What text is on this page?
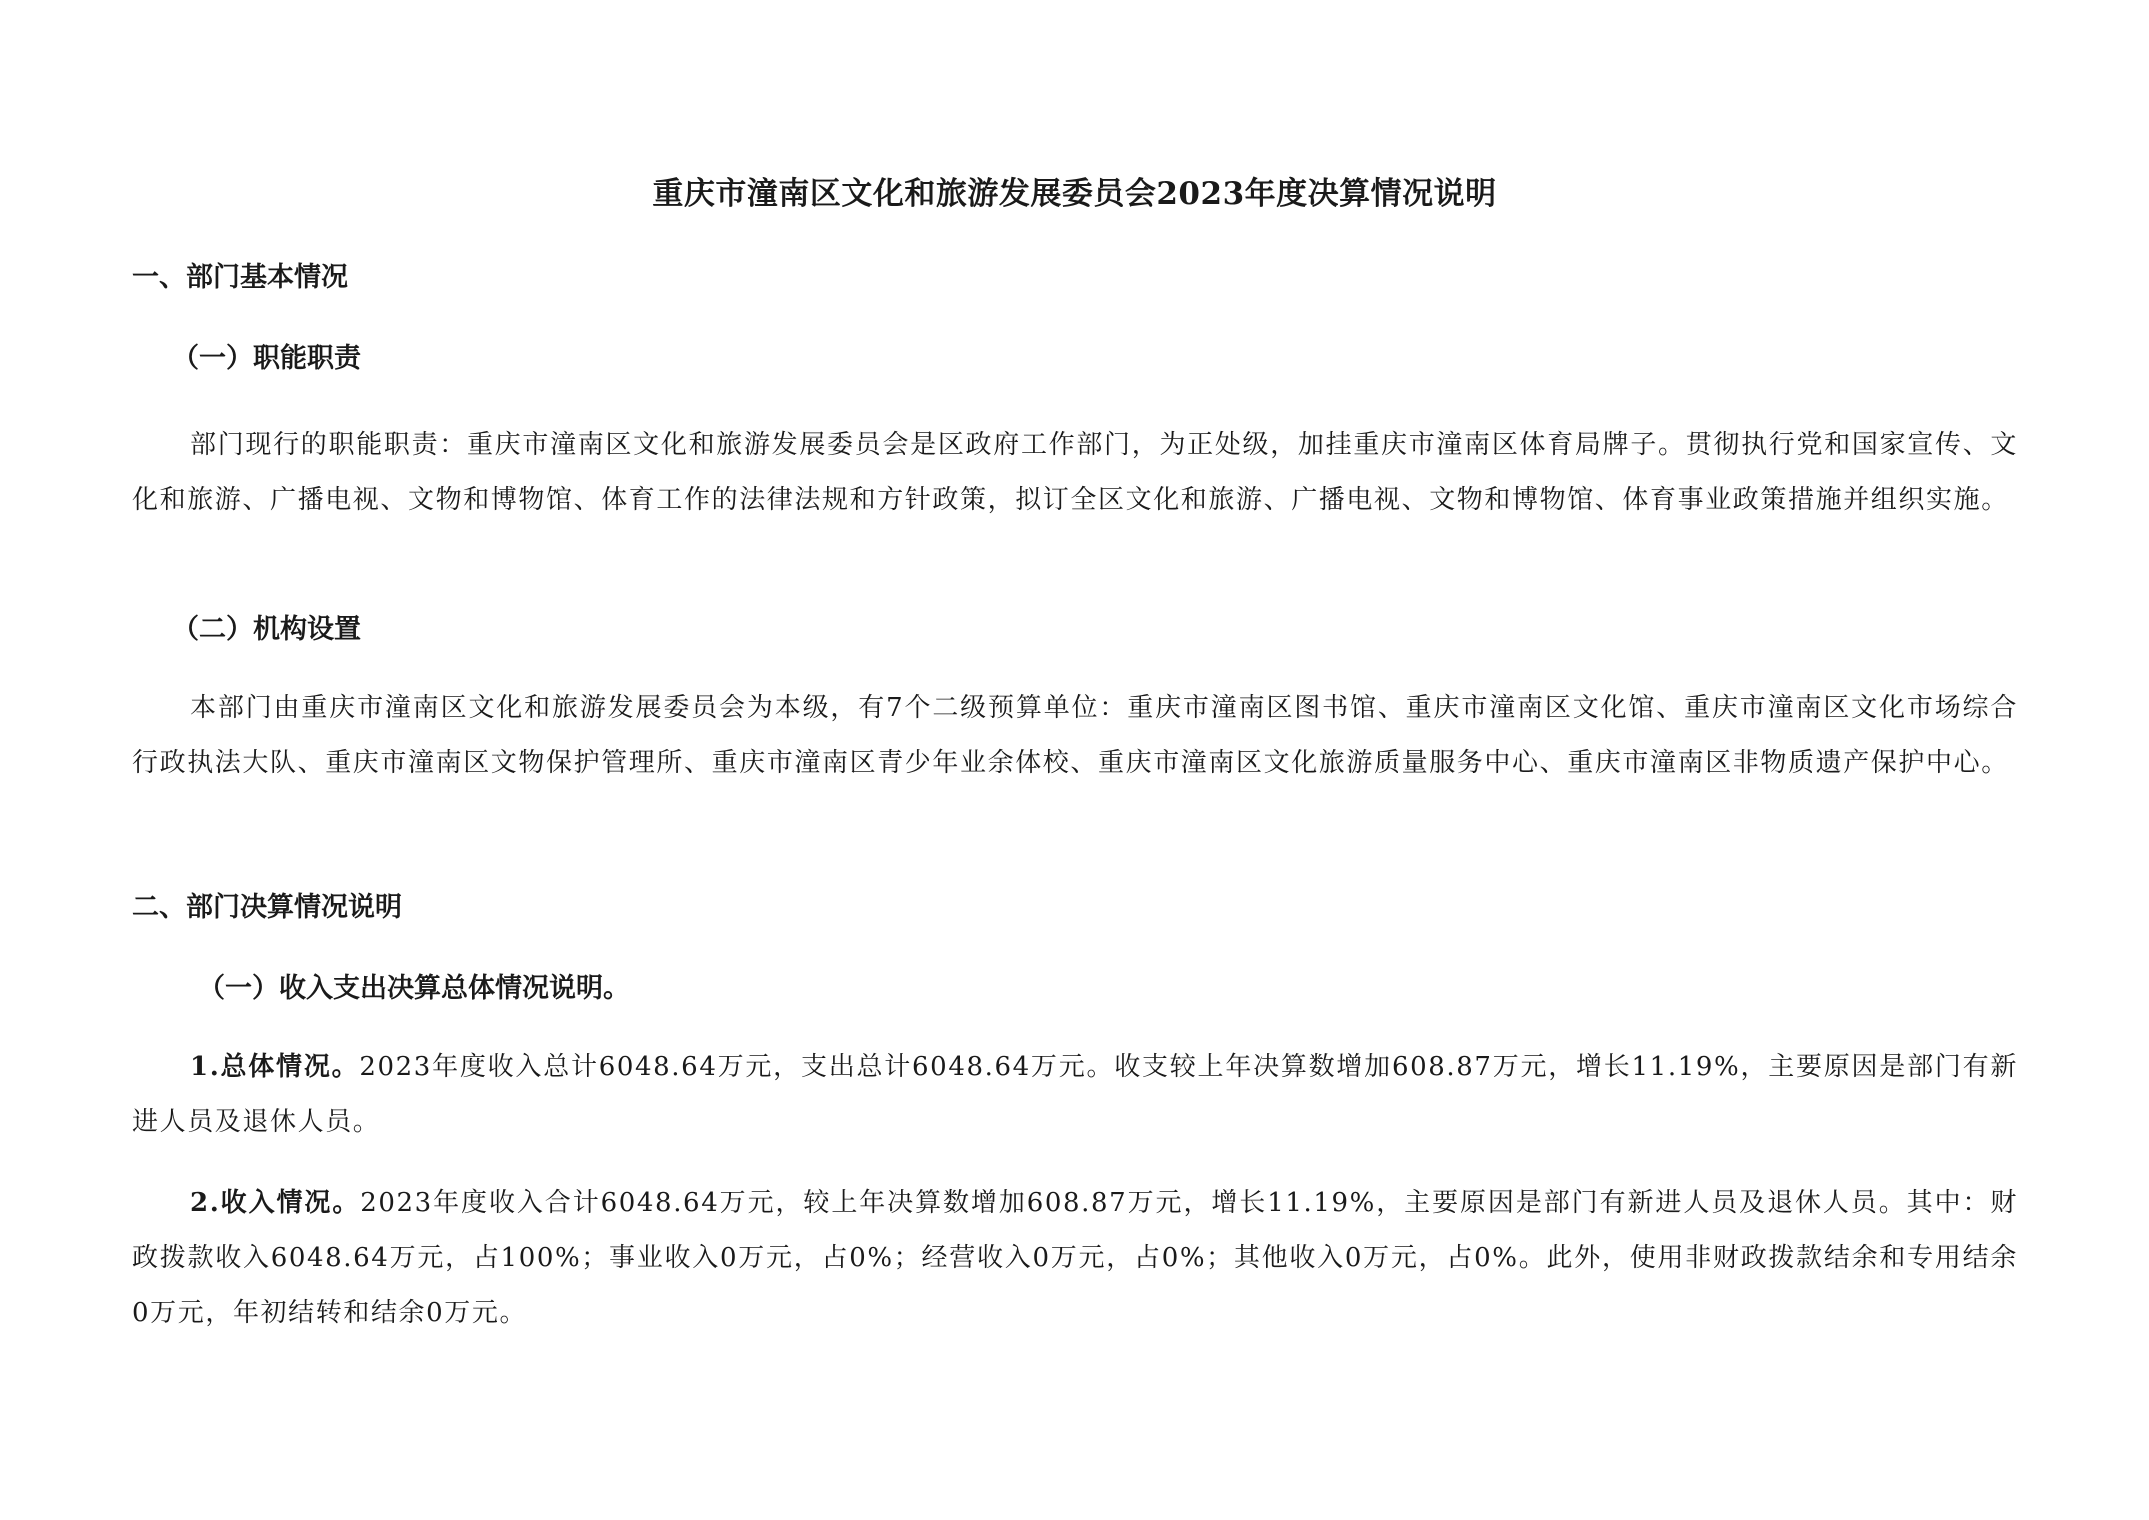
重庆市潼南区文化和旅游发展委员会2023年度决算情况说明
一、部门基本情况
（一）职能职责

部门现行的职能职责：重庆市潼南区文化和旅游发展委员会是区政府工作部门，为正处级，加挂重庆市潼南区体育局牌子。贯彻执行党和国家宣传、文化和旅游、广播电视、文物和博物馆、体育工作的法律法规和方针政策，拟订全区文化和旅游、广播电视、文物和博物馆、体育事业政策措施并组织实施。

（二）机构设置

本部门由重庆市潼南区文化和旅游发展委员会为本级，有7个二级预算单位：重庆市潼南区图书馆、重庆市潼南区文化馆、重庆市潼南区文化市场综合行政执法大队、重庆市潼南区文物保护管理所、重庆市潼南区青少年业余体校、重庆市潼南区文化旅游质量服务中心、重庆市潼南区非物质遗产保护中心。

二、部门决算情况说明
（一）收入支出决算总体情况说明。

1.总体情况。2023年度收入总计6048.64万元，支出总计6048.64万元。收支较上年决算数增加608.87万元，增长11.19%，主要原因是部门有新进人员及退休人员。

2.收入情况。2023年度收入合计6048.64万元，较上年决算数增加608.87万元，增长11.19%，主要原因是部门有新进人员及退休人员。其中：财政拨款收入6048.64万元，占100%；事业收入0万元，占0%；经营收入0万元，占0%；其他收入0万元，占0%。此外，使用非财政拨款结余和专用结余0万元，年初结转和结余0万元。
